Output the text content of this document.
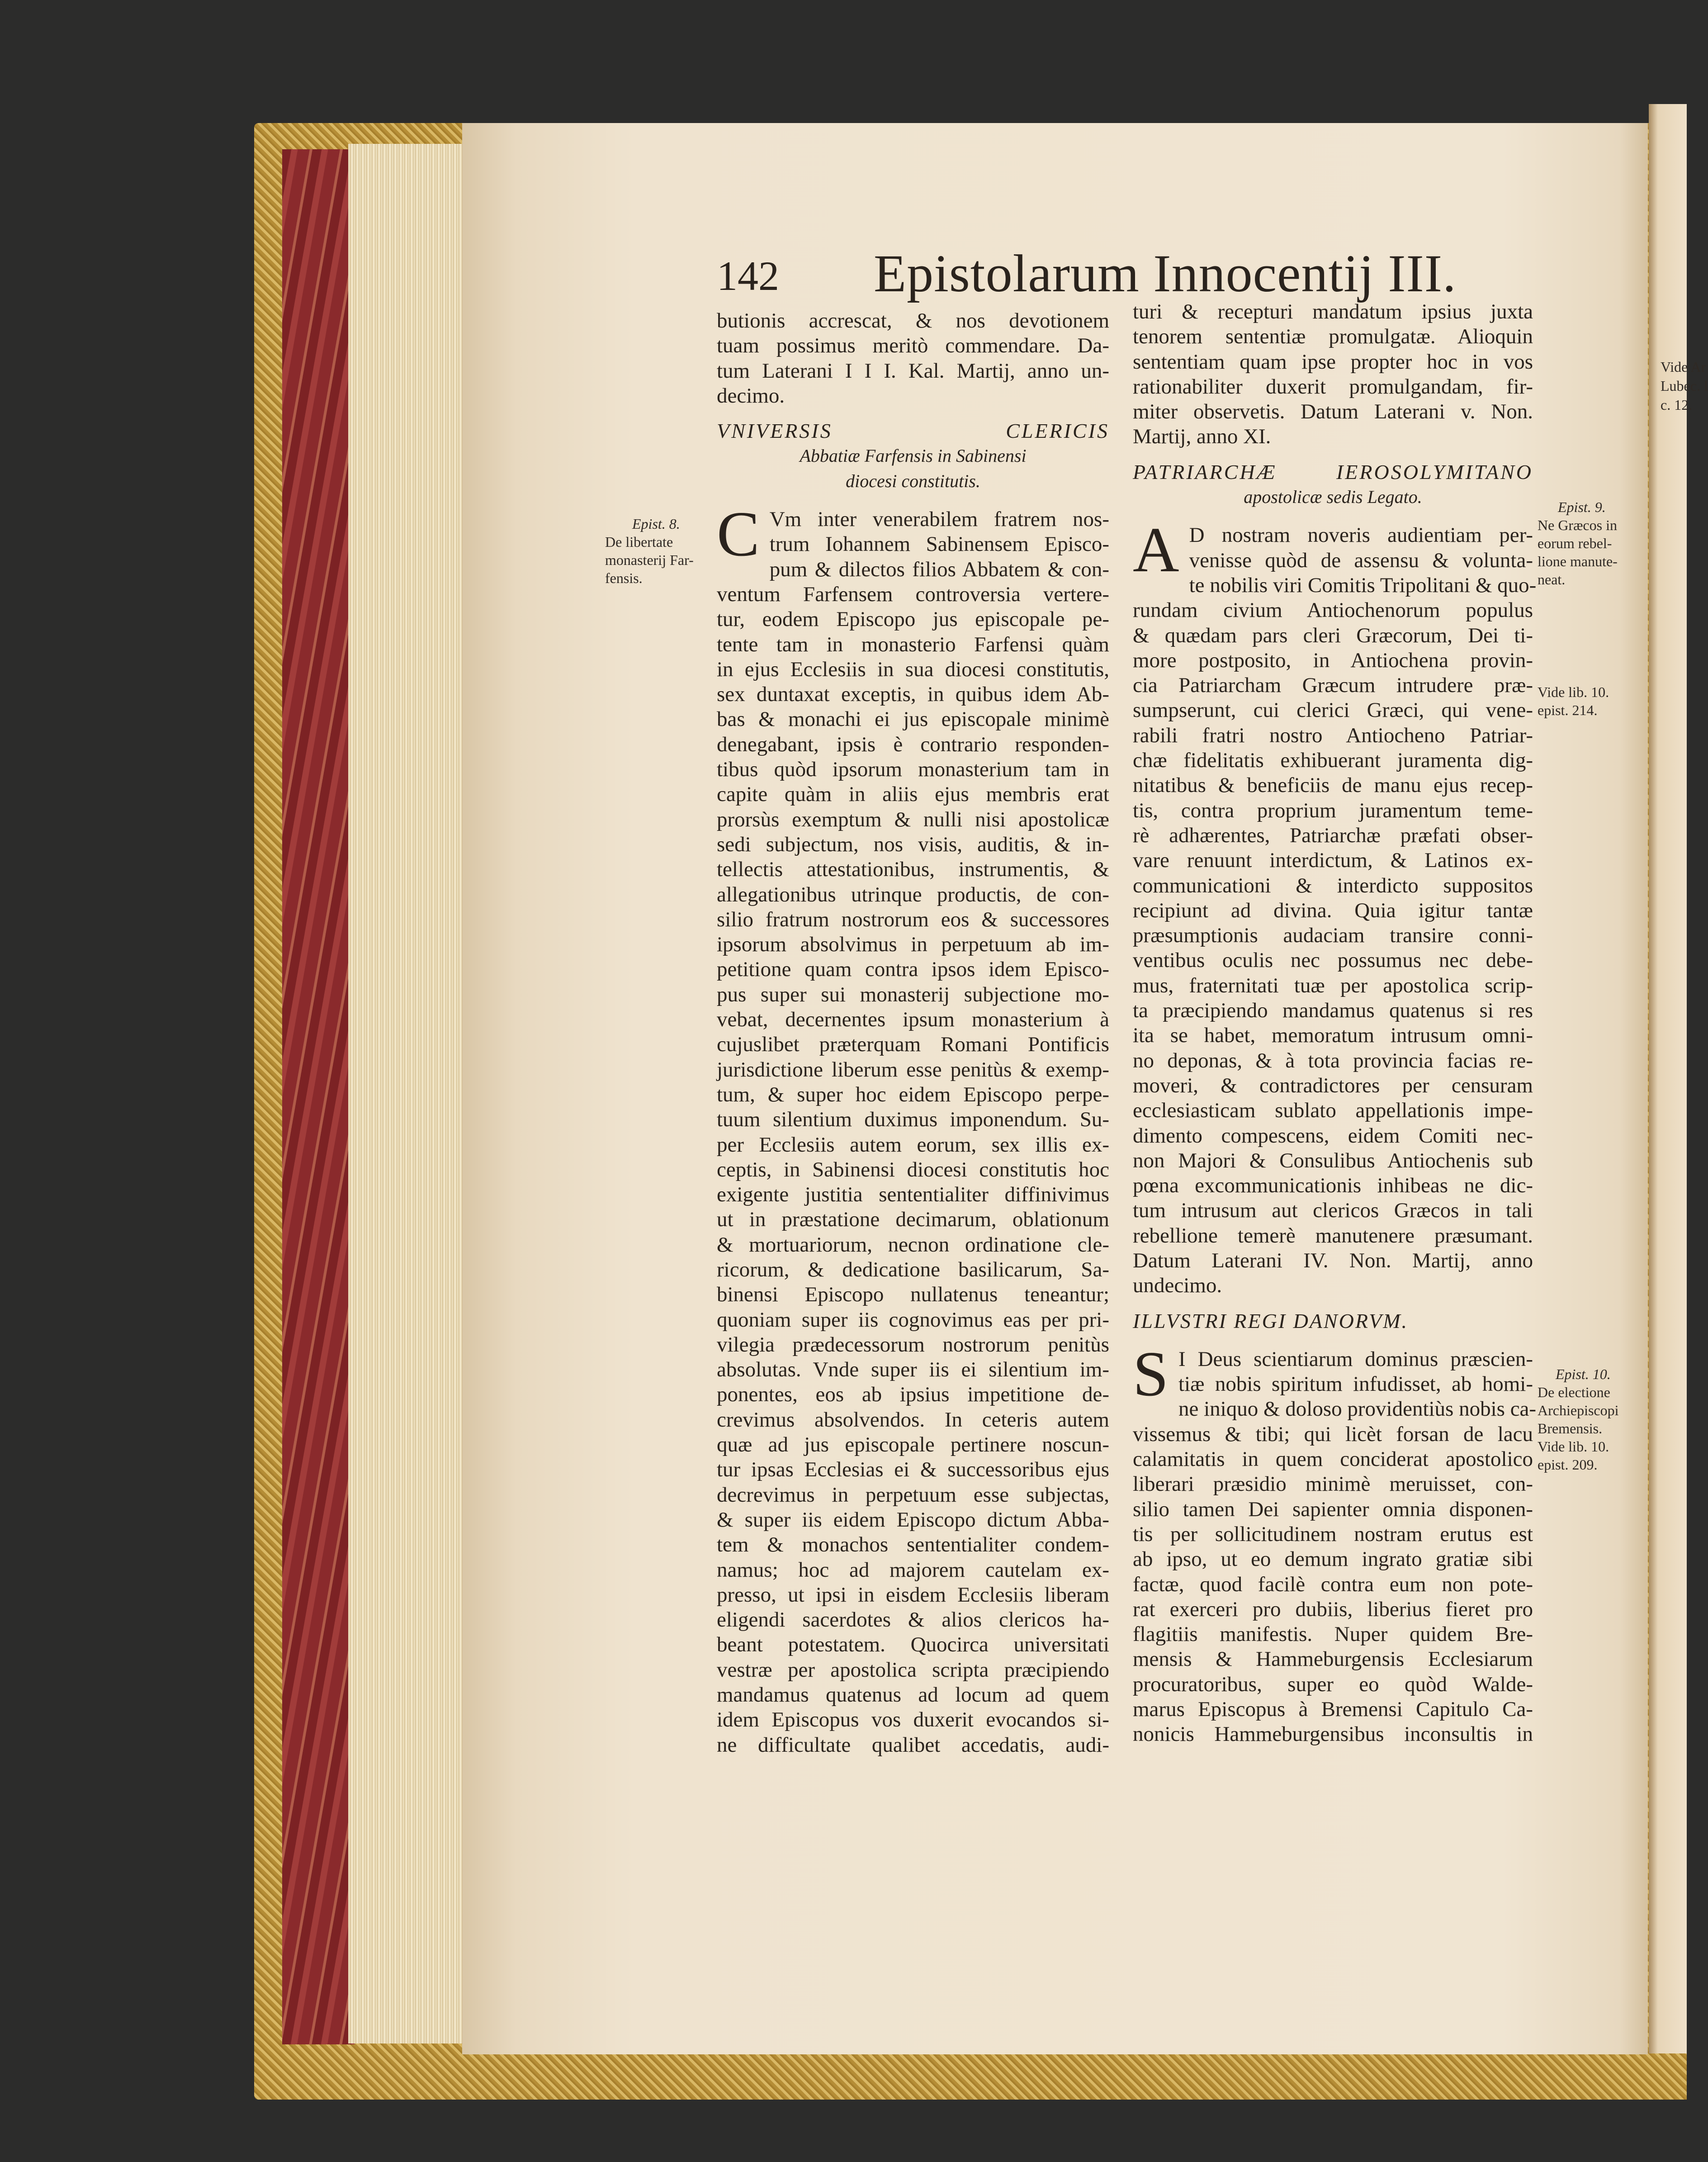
Vide Ar
Lubec. l
c. 12.
142 Epistolarum Innocentij III.
butionis accrescat, & nos devotionem
tuam possimus meritò commendare. Da-
tum Laterani I I I. Kal. Martij, anno un-
decimo.
VNIVERSIS CLERICIS
Abbatiæ Farfensis in Sabinensi
diocesi constitutis.
C Vm inter venerabilem fratrem nos-
trum Iohannem Sabinensem Episco-
pum & dilectos filios Abbatem & con-
ventum Farfensem controversia vertere-
tur, eodem Episcopo jus episcopale pe-
tente tam in monasterio Farfensi quàm
in ejus Ecclesiis in sua diocesi constitutis,
sex duntaxat exceptis, in quibus idem Ab-
bas & monachi ei jus episcopale minimè
denegabant, ipsis è contrario responden-
tibus quòd ipsorum monasterium tam in
capite quàm in aliis ejus membris erat
prorsùs exemptum & nulli nisi apostolicæ
sedi subjectum, nos visis, auditis, & in-
tellectis attestationibus, instrumentis, &
allegationibus utrinque productis, de con-
silio fratrum nostrorum eos & successores
ipsorum absolvimus in perpetuum ab im-
petitione quam contra ipsos idem Episco-
pus super sui monasterij subjectione mo-
vebat, decernentes ipsum monasterium à
cujuslibet præterquam Romani Pontificis
jurisdictione liberum esse penitùs & exemp-
tum, & super hoc eidem Episcopo perpe-
tuum silentium duximus imponendum. Su-
per Ecclesiis autem eorum, sex illis ex-
ceptis, in Sabinensi diocesi constitutis hoc
exigente justitia sententialiter diffinivimus
ut in præstatione decimarum, oblationum
& mortuariorum, necnon ordinatione cle-
ricorum, & dedicatione basilicarum, Sa-
binensi Episcopo nullatenus teneantur;
quoniam super iis cognovimus eas per pri-
vilegia prædecessorum nostrorum penitùs
absolutas. Vnde super iis ei silentium im-
ponentes, eos ab ipsius impetitione de-
crevimus absolvendos. In ceteris autem
quæ ad jus episcopale pertinere noscun-
tur ipsas Ecclesias ei & successoribus ejus
decrevimus in perpetuum esse subjectas,
& super iis eidem Episcopo dictum Abba-
tem & monachos sententialiter condem-
namus; hoc ad majorem cautelam ex-
presso, ut ipsi in eisdem Ecclesiis liberam
eligendi sacerdotes & alios clericos ha-
beant potestatem. Quocirca universitati
vestræ per apostolica scripta præcipiendo
mandamus quatenus ad locum ad quem
idem Episcopus vos duxerit evocandos si-
ne difficultate qualibet accedatis, audi-
turi & recepturi mandatum ipsius juxta
tenorem sententiæ promulgatæ. Alioquin
sententiam quam ipse propter hoc in vos
rationabiliter duxerit promulgandam, fir-
miter observetis. Datum Laterani v. Non.
Martij, anno XI.
PATRIARCHÆ IEROSOLYMITANO
apostolicæ sedis Legato.
A D nostram noveris audientiam per-
venisse quòd de assensu & volunta-
te nobilis viri Comitis Tripolitani & quo-
rundam civium Antiochenorum populus
& quædam pars cleri Græcorum, Dei ti-
more postposito, in Antiochena provin-
cia Patriarcham Græcum intrudere præ-
sumpserunt, cui clerici Græci, qui vene-
rabili fratri nostro Antiocheno Patriar-
chæ fidelitatis exhibuerant juramenta dig-
nitatibus & beneficiis de manu ejus recep-
tis, contra proprium juramentum teme-
rè adhærentes, Patriarchæ præfati obser-
vare renuunt interdictum, & Latinos ex-
communicationi & interdicto suppositos
recipiunt ad divina. Quia igitur tantæ
præsumptionis audaciam transire conni-
ventibus oculis nec possumus nec debe-
mus, fraternitati tuæ per apostolica scrip-
ta præcipiendo mandamus quatenus si res
ita se habet, memoratum intrusum omni-
no deponas, & à tota provincia facias re-
moveri, & contradictores per censuram
ecclesiasticam sublato appellationis impe-
dimento compescens, eidem Comiti nec-
non Majori & Consulibus Antiochenis sub
pœna excommunicationis inhibeas ne dic-
tum intrusum aut clericos Græcos in tali
rebellione temerè manutenere præsumant.
Datum Laterani IV. Non. Martij, anno
undecimo.
ILLVSTRI REGI DANORVM.
S I Deus scientiarum dominus præscien-
tiæ nobis spiritum infudisset, ab homi-
ne iniquo & doloso providentiùs nobis ca-
vissemus & tibi; qui licèt forsan de lacu
calamitatis in quem conciderat apostolico
liberari præsidio minimè meruisset, con-
silio tamen Dei sapienter omnia disponen-
tis per sollicitudinem nostram erutus est
ab ipso, ut eo demum ingrato gratiæ sibi
factæ, quod facilè contra eum non pote-
rat exerceri pro dubiis, liberius fieret pro
flagitiis manifestis. Nuper quidem Bre-
mensis & Hammeburgensis Ecclesiarum
procuratoribus, super eo quòd Walde-
marus Episcopus à Bremensi Capitulo Ca-
nonicis Hammeburgensibus inconsultis in
Epist. 8.
De libertate
monasterij Far-
fensis.
Epist. 9.
Ne Græcos in
eorum rebel-
lione manute-
neat.
Vide lib. 10.
epist. 214.
Epist. 10.
De electione
Archiepiscopi
Bremensis.
Vide lib. 10.
epist. 209.
